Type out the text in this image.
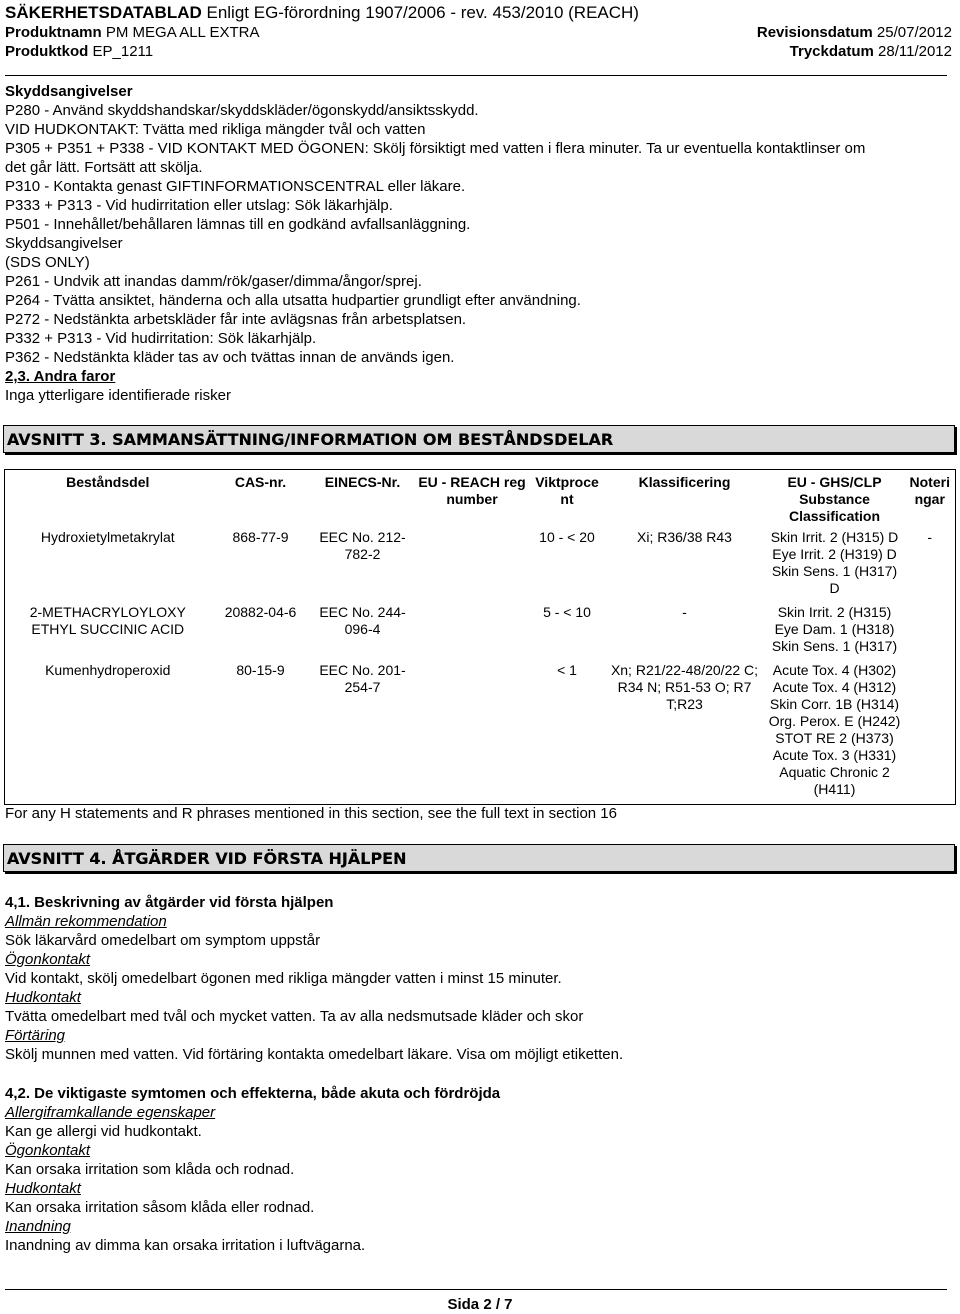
SÄKERHETSDATABLAD Enligt EG-förordning 1907/2006 - rev. 453/2010 (REACH)
Produktnamn PM MEGA ALL EXTRA	Revisionsdatum 25/07/2012
Produktkod EP_1211	Tryckdatum 28/11/2012
Skyddsangivelser
P280 - Använd skyddshandskar/skyddskläder/ögonskydd/ansiktsskydd.
VID HUDKONTAKT: Tvätta med rikliga mängder tvål och vatten
P305 + P351 + P338 - VID KONTAKT MED ÖGONEN: Skölj försiktigt med vatten i flera minuter. Ta ur eventuella kontaktlinser om
det går lätt. Fortsätt att skölja.
P310 - Kontakta genast GIFTINFORMATIONSCENTRAL eller läkare.
P333 + P313 - Vid hudirritation eller utslag: Sök läkarhjälp.
P501 - Innehållet/behållaren lämnas till en godkänd avfallsanläggning.
Skyddsangivelser
(SDS ONLY)
P261 - Undvik att inandas damm/rök/gaser/dimma/ångor/sprej.
P264 - Tvätta ansiktet, händerna och alla utsatta hudpartier grundligt efter användning.
P272 - Nedstänkta arbetskläder får inte avlägsnas från arbetsplatsen.
P332 + P313 - Vid hudirritation: Sök läkarhjälp.
P362 - Nedstänkta kläder tas av och tvättas innan de används igen.
2,3. Andra faror
Inga ytterligare identifierade risker
AVSNITT 3. SAMMANSÄTTNING/INFORMATION OM BESTÅNDSDELAR
Beståndsdel	CAS-nr.	EINECS-Nr.	EU - REACH reg number	Viktproce nt	Klassificering	EU - GHS/CLP Substance Classification	Noteri ngar
Hydroxietylmetakrylat	868-77-9	EEC No. 212-782-2		10 - < 20	Xi; R36/38 R43	Skin Irrit. 2 (H315) D Eye Irrit. 2 (H319) D Skin Sens. 1 (H317) D	-
2-METHACRYLOYLOXY ETHYL SUCCINIC ACID	20882-04-6	EEC No. 244-096-4		5 - < 10	-	Skin Irrit. 2 (H315) Eye Dam. 1 (H318) Skin Sens. 1 (H317)	
Kumenhydroperoxid	80-15-9	EEC No. 201-254-7		< 1	Xn; R21/22-48/20/22 C; R34 N; R51-53 O; R7 T;R23	Acute Tox. 4 (H302) Acute Tox. 4 (H312) Skin Corr. 1B (H314) Org. Perox. E (H242) STOT RE 2 (H373) Acute Tox. 3 (H331) Aquatic Chronic 2 (H411)	
For any H statements and R phrases mentioned in this section, see the full text in section 16
AVSNITT 4. ÅTGÄRDER VID FÖRSTA HJÄLPEN
4,1. Beskrivning av åtgärder vid första hjälpen
Allmän rekommendation
Sök läkarvård omedelbart om symptom uppstår
Ögonkontakt
Vid kontakt, skölj omedelbart ögonen med rikliga mängder vatten i minst 15 minuter.
Hudkontakt
Tvätta omedelbart med tvål och mycket vatten. Ta av alla nedsmutsade kläder och skor
Förtäring
Skölj munnen med vatten. Vid förtäring kontakta omedelbart läkare. Visa om möjligt etiketten.
4,2. De viktigaste symtomen och effekterna, både akuta och fördröjda
Allergiframkallande egenskaper
Kan ge allergi vid hudkontakt.
Ögonkontakt
Kan orsaka irritation som klåda och rodnad.
Hudkontakt
Kan orsaka irritation såsom klåda eller rodnad.
Inandning
Inandning av dimma kan orsaka irritation i luftvägarna.
Sida 2 / 7
